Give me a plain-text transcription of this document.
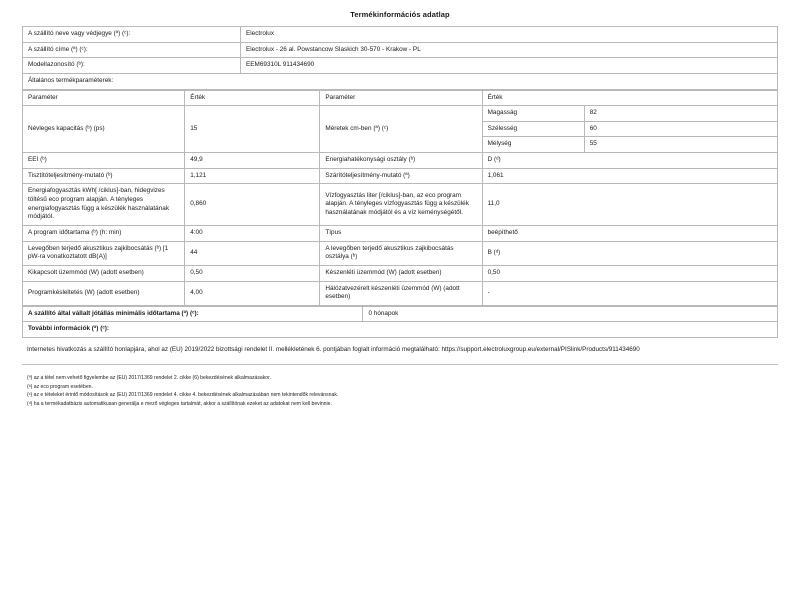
Termékinformációs adatlap
A szállító neve vagy védjegye (ª) (ᶜ):	Electrolux
A szállító címe (ª) (ᶜ):	Electrolux - 26 al. Powstancow Slaskich 30-570 - Krakow - PL
Modellazonosító (ᵇ):	EEM69310L 911434690
Általános termékparaméterek:	
Paraméter	Érték	Paraméter	Érték	
Névleges kapacitás (ᵇ) (ps)	15	Méretek cm-ben (ª) (ᶜ)	Magasság	82
			Szélesség	60
			Mélység	55
EEI (ᵇ)	49,9	Energiahatékonysági osztály (ᵇ)	D (ᵈ)	
Tisztítóteljesítmény-mutató (ᵇ)	1,121	Szárítóteljesítmény-mutató (ª)	1,061	
Energiafogyasztás kWh[ /ciklus]-ban, hidegvizes töltésű eco program alapján. A tényleges energiafogyasztás függ a készülék használatának módjától.	0,860	Vízfogyasztás liter [/ciklus]-ban, az eco program alapján. A tényleges vízfogyasztás függ a készülék használatának módjától és a víz keménységétől.	11,0	
A program időtartama (ᵇ) (h: min)	4:00	Típus	beépíthető	
Levegőben terjedő akusztikus zajkibocsátás (ᵇ) [1 pW-ra vonatkoztatott dB(A)]	44	A levegőben terjedő akusztikus zajkibocsátás osztálya (ᵇ)	B (ᵈ)	
Kikapcsolt üzemmód (W) (adott esetben)	0,50	Készenléti üzemmód (W) (adott esetben)	0,50	
Programkésleltetés (W) (adott esetben)	4,00	Hálózatvezérelt készenléti üzemmód (W) (adott esetben)	-	
A szállító által vállalt jótállás minimális időtartama (ª) (ᶜ):	0 hónapok
További információk (ª) (ᶜ):
Internetes hivatkozás a szállító honlapjára, ahol az (EU) 2019/2022 bizottsági rendelet II. mellékletének 6. pontjában foglalt információ megtalálható: https://support.electroluxgroup.eu/external/PISlink/Products/911434690
(ª) az a tétel nem vehető figyelembe az (EU) 2017/1369 rendelet 2. cikke (6) bekezdésének alkalmazásakor.
(ᵇ) az eco program esetében.
(ᶜ) az e tételeket érintő módosítások az (EU) 2017/1369 rendelet 4. cikke 4. bekezdésének alkalmazásában nem tekintendők relevánsnak.
(ᵈ) ha a termékadatbázis automatikusan generálja e mező végleges tartalmát, akkor a szállítónak ezeket az adatokat nem kell bevinnie.
